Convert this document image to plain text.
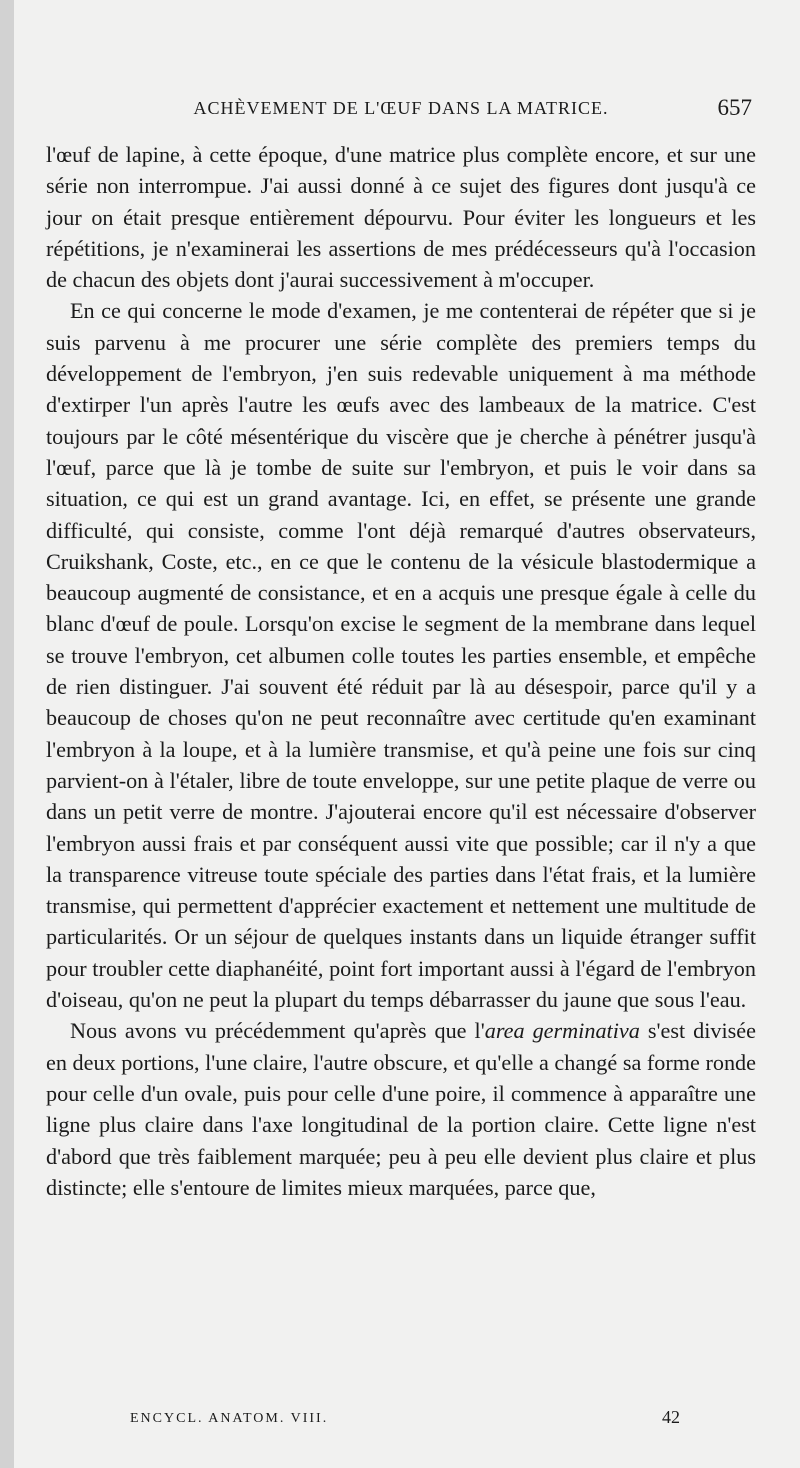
ACHÈVEMENT DE L'ŒUF DANS LA MATRICE.	657

l'œuf de lapine, à cette époque, d'une matrice plus complète encore, et sur une série non interrompue. J'ai aussi donné à ce sujet des figures dont jusqu'à ce jour on était presque entièrement dépourvu. Pour éviter les longueurs et les répétitions, je n'examinerai les assertions de mes prédécesseurs qu'à l'occasion de chacun des objets dont j'aurai successivement à m'occuper.

En ce qui concerne le mode d'examen, je me contenterai de répéter que si je suis parvenu à me procurer une série complète des premiers temps du développement de l'embryon, j'en suis redevable uniquement à ma méthode d'extirper l'un après l'autre les œufs avec des lambeaux de la matrice. C'est toujours par le côté mésentérique du viscère que je cherche à pénétrer jusqu'à l'œuf, parce que là je tombe de suite sur l'embryon, et puis le voir dans sa situation, ce qui est un grand avantage. Ici, en effet, se présente une grande difficulté, qui consiste, comme l'ont déjà remarqué d'autres observateurs, Cruikshank, Coste, etc., en ce que le contenu de la vésicule blastodermique a beaucoup augmenté de consistance, et en a acquis une presque égale à celle du blanc d'œuf de poule. Lorsqu'on excise le segment de la membrane dans lequel se trouve l'embryon, cet albumen colle toutes les parties ensemble, et empêche de rien distinguer. J'ai souvent été réduit par là au désespoir, parce qu'il y a beaucoup de choses qu'on ne peut reconnaître avec certitude qu'en examinant l'embryon à la loupe, et à la lumière transmise, et qu'à peine une fois sur cinq parvient-on à l'étaler, libre de toute enveloppe, sur une petite plaque de verre ou dans un petit verre de montre. J'ajouterai encore qu'il est nécessaire d'observer l'embryon aussi frais et par conséquent aussi vite que possible; car il n'y a que la transparence vitreuse toute spéciale des parties dans l'état frais, et la lumière transmise, qui permettent d'apprécier exactement et nettement une multitude de particularités. Or un séjour de quelques instants dans un liquide étranger suffit pour troubler cette diaphanéité, point fort important aussi à l'égard de l'embryon d'oiseau, qu'on ne peut la plupart du temps débarrasser du jaune que sous l'eau.

Nous avons vu précédemment qu'après que l'area germinativa s'est divisée en deux portions, l'une claire, l'autre obscure, et qu'elle a changé sa forme ronde pour celle d'un ovale, puis pour celle d'une poire, il commence à apparaître une ligne plus claire dans l'axe longitudinal de la portion claire. Cette ligne n'est d'abord que très faiblement marquée; peu à peu elle devient plus claire et plus distincte; elle s'entoure de limites mieux marquées, parce que,

ENCYCL. ANATOM. VIII.	42
